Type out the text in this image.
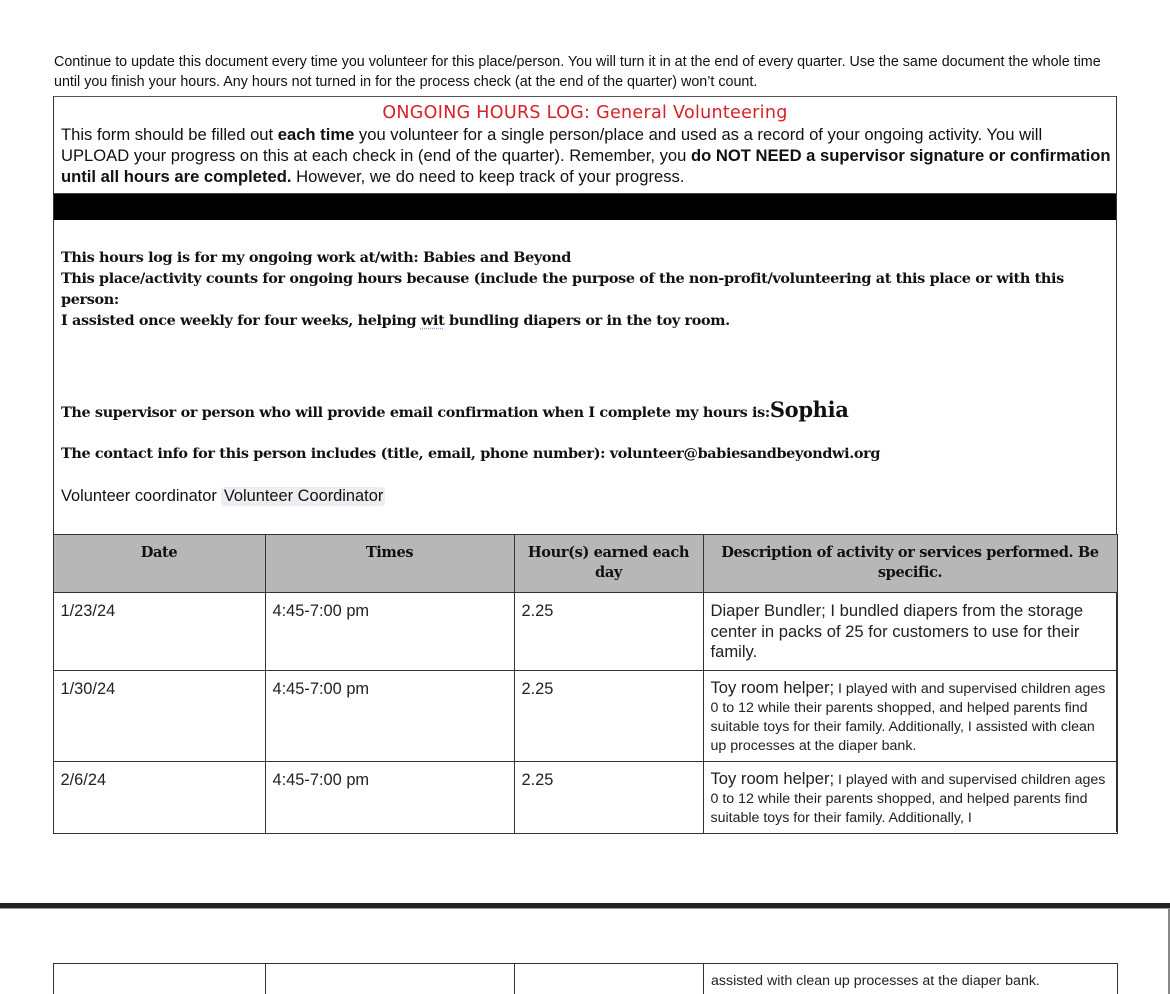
Continue to update this document every time you volunteer for this place/person. You will turn it in at the end of every quarter. Use the same document the whole time until you finish your hours. Any hours not turned in for the process check (at the end of the quarter) won’t count.

ONGOING HOURS LOG: General Volunteering

This form should be filled out each time you volunteer for a single person/place and used as a record of your ongoing activity. You will UPLOAD your progress on this at each check in (end of the quarter). Remember, you do NOT NEED a supervisor signature or confirmation until all hours are completed. However, we do need to keep track of your progress.

This hours log is for my ongoing work at/with: Babies and Beyond
This place/activity counts for ongoing hours because (include the purpose of the non-profit/volunteering at this place or with this person:
I assisted once weekly for four weeks, helping wit bundling diapers or in the toy room.
The supervisor or person who will provide email confirmation when I complete my hours is:Sophia
The contact info for this person includes (title, email, phone number): volunteer@babiesandbeyondwi.org
Volunteer coordinator Volunteer Coordinator
Date	Times	Hour(s) earned each day	Description of activity or services performed. Be specific.
1/23/24	4:45-7:00 pm	2.25	Diaper Bundler; I bundled diapers from the storage center in packs of 25 for customers to use for their family.
1/30/24	4:45-7:00 pm	2.25	Toy room helper; I played with and supervised children ages 0 to 12 while their parents shopped, and helped parents find suitable toys for their family. Additionally, I assisted with clean up processes at the diaper bank.
2/6/24	4:45-7:00 pm	2.25	Toy room helper; I played with and supervised children ages 0 to 12 while their parents shopped, and helped parents find suitable toys for their family. Additionally, I
			assisted with clean up processes at the diaper bank.
